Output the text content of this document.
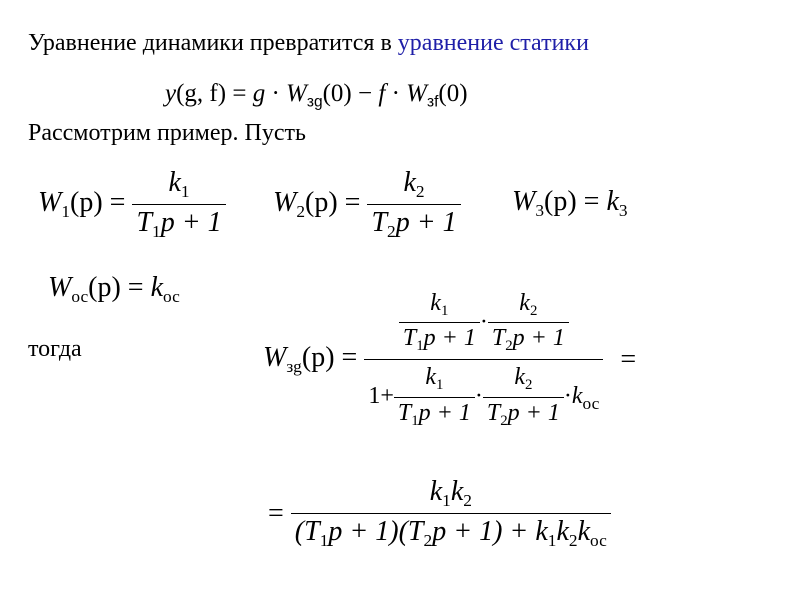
Уравнение динамики превратится в уравнение статики
y(g, $f) = g \cdot W_{зg}(0) - f \cdot W_{зf}(0)$
Рассмотрим пример. Пусть
$W_1(p) = \frac{k_1}{T_1p + 1} W_2(p) = \frac{k_2}{T_2p + 1} W_3(p) = k_3$
$W_{ос}(p) = k_{ос}$
тогда	$W_{зg}(p) = \frac{\frac{k_1}{T_1p + 1} \cdot \frac{k_2}{T_2p + 1}}{1+ \frac{k_1}{T_1p + 1} \cdot \frac{k_2}{T_2p + 1} \cdot k_{ос}}$ =
= $\frac{k_1k_2}{(T_1p + 1)(T_2p + 1) + k_1k_2k_{ос}}$
